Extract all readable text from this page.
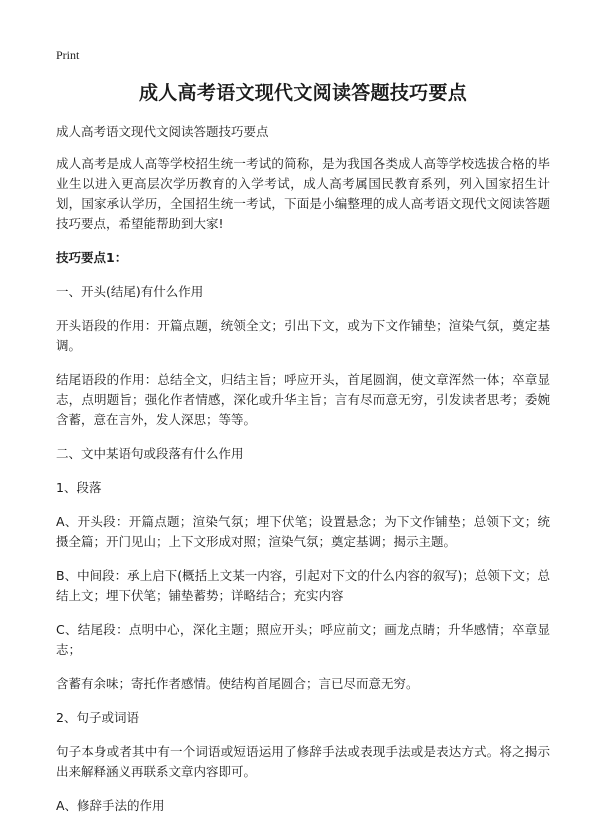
Print
成人高考语文现代文阅读答题技巧要点

成人高考语文现代文阅读答题技巧要点

成人高考是成人高等学校招生统一考试的简称，是为我国各类成人高等学校选拔合格的毕业生以进入更高层次学历教育的入学考试，成人高考属国民教育系列，列入国家招生计划，国家承认学历，全国招生统一考试，下面是小编整理的成人高考语文现代文阅读答题技巧要点，希望能帮助到大家!

技巧要点1：

一、开头(结尾)有什么作用

开头语段的作用：开篇点题，统领全文；引出下文，或为下文作铺垫；渲染气氛，奠定基调。

结尾语段的作用：总结全文，归结主旨；呼应开头，首尾圆润，使文章浑然一体；卒章显志，点明题旨；强化作者情感，深化或升华主旨；言有尽而意无穷，引发读者思考；委婉含蓄，意在言外，发人深思；等等。

二、文中某语句或段落有什么作用

1、段落

A、开头段：开篇点题；渲染气氛；埋下伏笔；设置悬念；为下文作铺垫；总领下文；统摄全篇；开门见山；上下文形成对照；渲染气氛；奠定基调；揭示主题。

B、中间段：承上启下(概括上文某一内容，引起对下文的什么内容的叙写)；总领下文；总结上文；埋下伏笔；铺垫蓄势；详略结合；充实内容

C、结尾段：点明中心，深化主题；照应开头；呼应前文；画龙点睛；升华感情；卒章显志；

含蓄有余味；寄托作者感情。使结构首尾圆合；言已尽而意无穷。

2、句子或词语

句子本身或者其中有一个词语或短语运用了修辞手法或表现手法或是表达方式。将之揭示出来解释涵义再联系文章内容即可。

A、修辞手法的作用
